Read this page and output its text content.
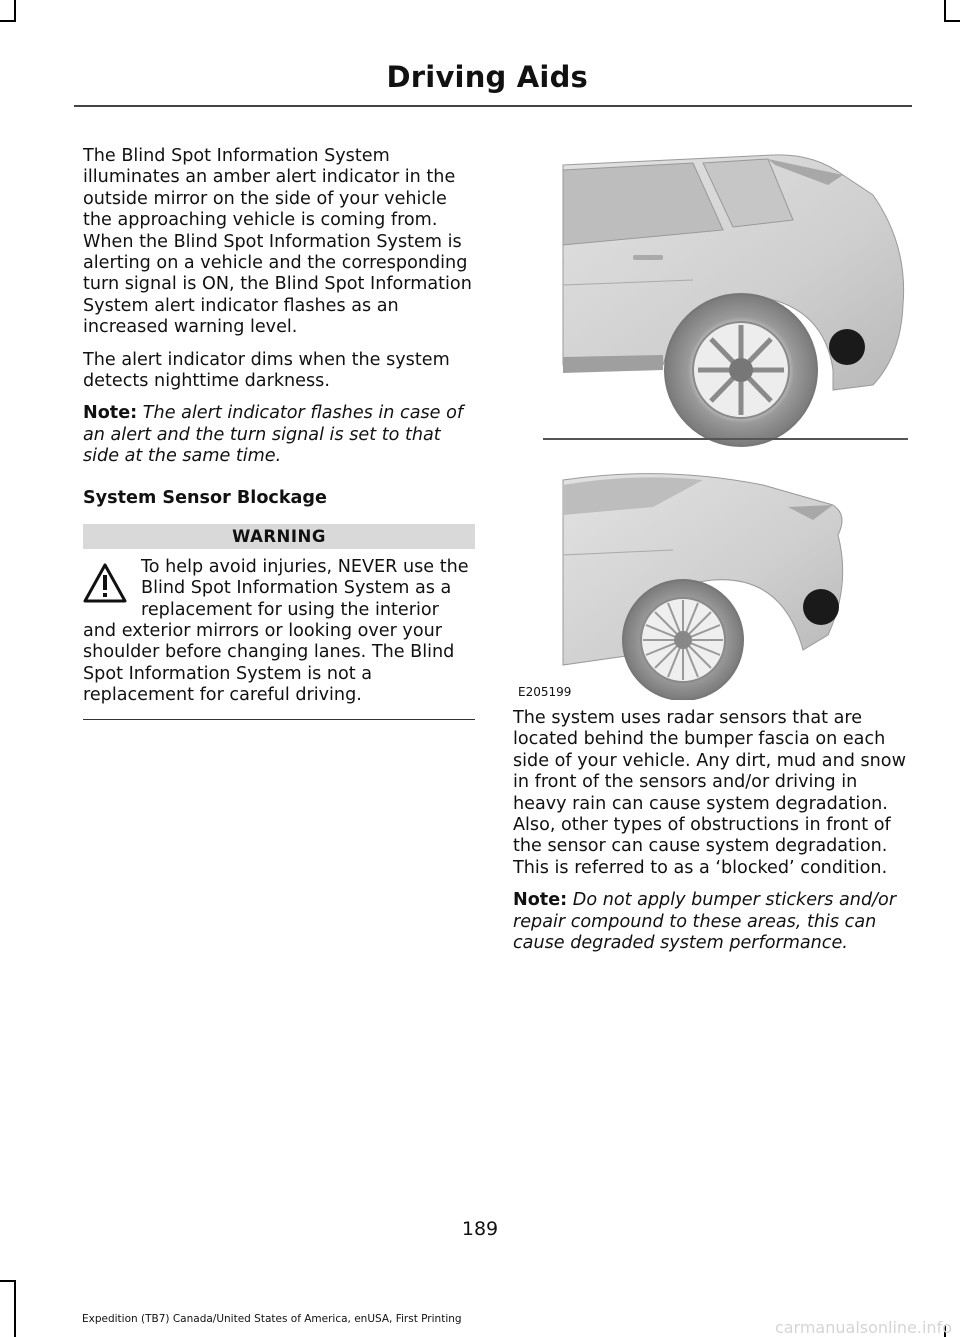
Driving Aids

The Blind Spot Information System illuminates an amber alert indicator in the outside mirror on the side of your vehicle the approaching vehicle is coming from. When the Blind Spot Information System is alerting on a vehicle and the corresponding turn signal is ON, the Blind Spot Information System alert indicator flashes as an increased warning level.

The alert indicator dims when the system detects nighttime darkness.

Note: The alert indicator flashes in case of an alert and the turn signal is set to that side at the same time.

System Sensor Blockage
WARNING
To help avoid injuries, NEVER use the Blind Spot Information System as a replacement for using the interior and exterior mirrors or looking over your shoulder before changing lanes. The Blind Spot Information System is not a replacement for careful driving.	E205199

The system uses radar sensors that are located behind the bumper fascia on each side of your vehicle. Any dirt, mud and snow in front of the sensors and/or driving in heavy rain can cause system degradation. Also, other types of obstructions in front of the sensor can cause system degradation. This is referred to as a ‘blocked’ condition.

Note: Do not apply bumper stickers and/or repair compound to these areas, this can cause degraded system performance.

189
Expedition (TB7) Canada/United States of America, enUSA, First Printing	carmanualsonline.info
